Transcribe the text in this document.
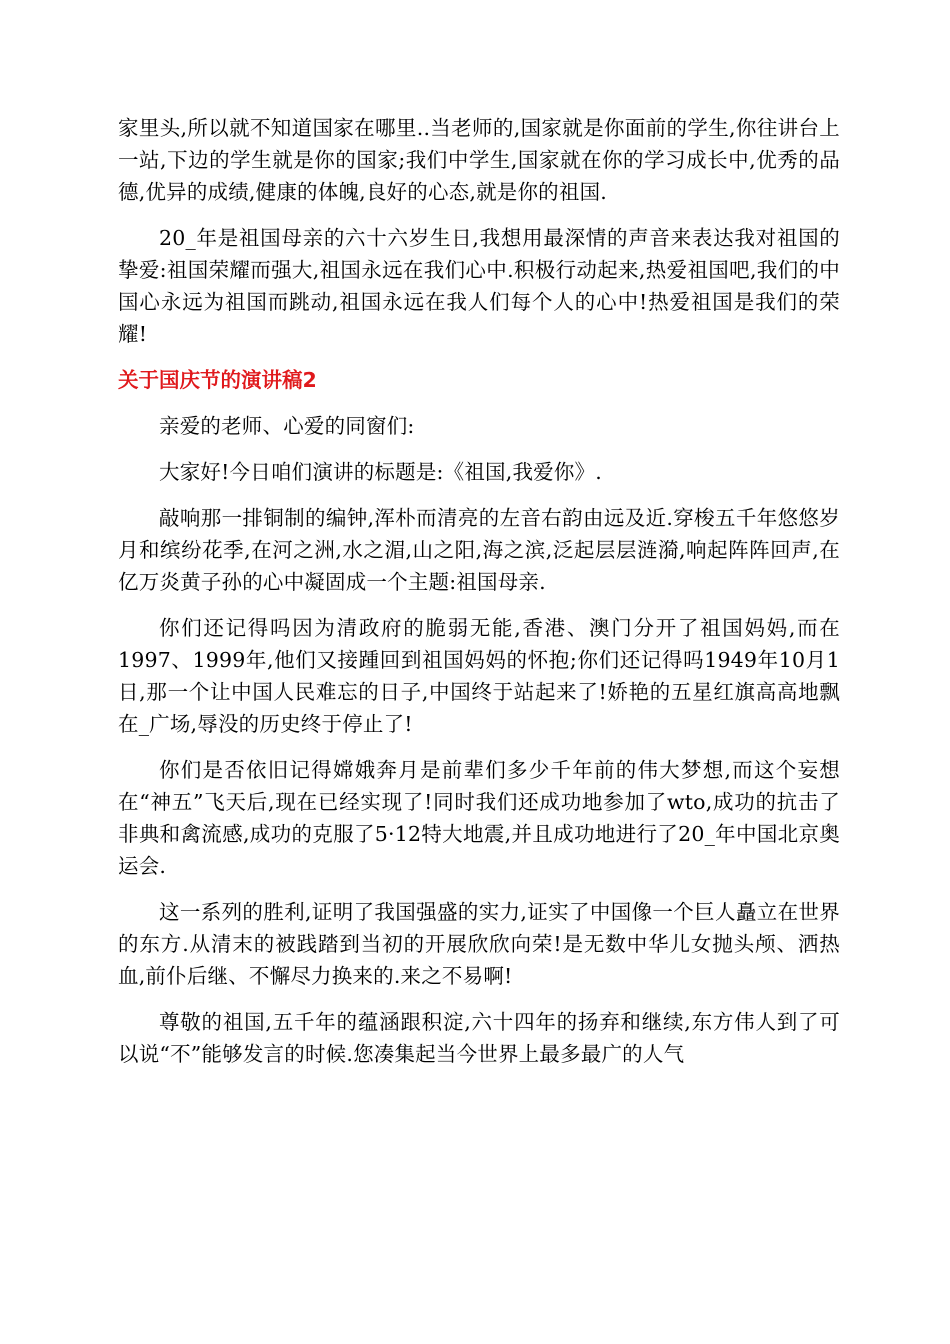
家里头,所以就不知道国家在哪里..当老师的,国家就是你面前的学生,你往讲台上一站,下边的学生就是你的国家;我们中学生,国家就在你的学习成长中,优秀的品德,优异的成绩,健康的体魄,良好的心态,就是你的祖国.

20_年是祖国母亲的六十六岁生日,我想用最深情的声音来表达我对祖国的挚爱:祖国荣耀而强大,祖国永远在我们心中.积极行动起来,热爱祖国吧,我们的中国心永远为祖国而跳动,祖国永远在我人们每个人的心中!热爱祖国是我们的荣耀!

关于国庆节的演讲稿2

亲爱的老师、心爱的同窗们:

大家好!今日咱们演讲的标题是:《祖国,我爱你》.

敲响那一排铜制的编钟,浑朴而清亮的左音右韵由远及近.穿梭五千年悠悠岁月和缤纷花季,在河之洲,水之湄,山之阳,海之滨,泛起层层涟漪,响起阵阵回声,在亿万炎黄子孙的心中凝固成一个主题:祖国母亲.

你们还记得吗因为清政府的脆弱无能,香港、澳门分开了祖国妈妈,而在1997、1999年,他们又接踵回到祖国妈妈的怀抱;你们还记得吗1949年10月1日,那一个让中国人民难忘的日子,中国终于站起来了!娇艳的五星红旗高高地飘在_广场,辱没的历史终于停止了!

你们是否依旧记得嫦娥奔月是前辈们多少千年前的伟大梦想,而这个妄想在“神五”飞天后,现在已经实现了!同时我们还成功地参加了wto,成功的抗击了非典和禽流感,成功的克服了5·12特大地震,并且成功地进行了20_年中国北京奥运会.

这一系列的胜利,证明了我国强盛的实力,证实了中国像一个巨人矗立在世界的东方.从清末的被践踏到当初的开展欣欣向荣!是无数中华儿女抛头颅、洒热血,前仆后继、不懈尽力换来的.来之不易啊!

尊敬的祖国,五千年的蕴涵跟积淀,六十四年的扬弃和继续,东方伟人到了可以说“不”能够发言的时候.您凑集起当今世界上最多最广的人气
